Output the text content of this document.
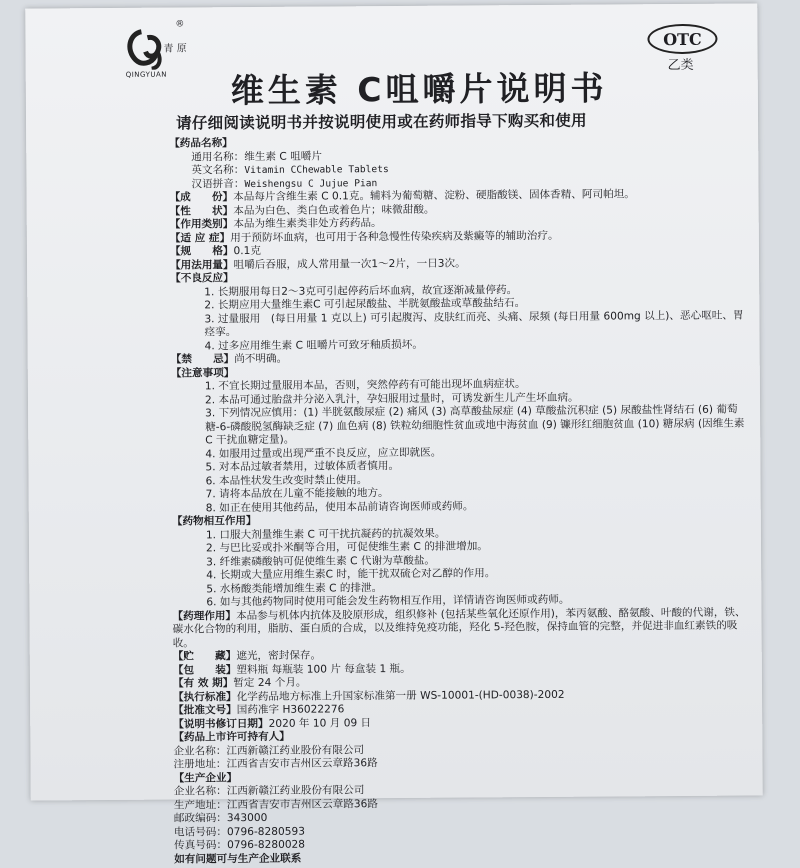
®
青 原
QINGYUAN
OTC
乙类
维生素 C咀嚼片说明书
请仔细阅读说明书并按说明使用或在药师指导下购买和使用
【药品名称】
通用名称：维生素 C 咀嚼片
英文名称：Vitamin CChewable Tablets
汉语拼音：Weishengsu C Jujue Pian
【成　　份】本品每片含维生素 C 0.1克。辅料为葡萄糖、淀粉、硬脂酸镁、固体香精、阿司帕坦。
【性　　状】本品为白色、类白色或着色片；味微甜酸。
【作用类别】本品为维生素类非处方药药品。
【适 应 症】用于预防坏血病，也可用于各种急慢性传染疾病及紫癜等的辅助治疗。
【规　　格】0.1克
【用法用量】咀嚼后吞服，成人常用量一次1～2片，一日3次。
【不良反应】
1. 长期服用每日2～3克可引起停药后坏血病，故宜逐渐减量停药。
2. 长期应用大量维生素C 可引起尿酸盐、半胱氨酸盐或草酸盐结石。
3. 过量服用　(每日用量 1 克以上) 可引起腹泻、皮肤红而亮、头痛、尿频 (每日用量 600mg 以上)、恶心呕吐、胃痉挛。
4. 过多应用维生素 C 咀嚼片可致牙釉质损坏。
【禁　　忌】尚不明确。
【注意事项】
1. 不宜长期过量服用本品，否则，突然停药有可能出现坏血病症状。
2. 本品可通过胎盘并分泌入乳汁，孕妇服用过量时，可诱发新生儿产生坏血病。
3. 下列情况应慎用：(1) 半胱氨酸尿症 (2) 痛风 (3) 高草酸盐尿症 (4) 草酸盐沉积症 (5) 尿酸盐性肾结石 (6) 葡萄糖-6-磷酸脱氢酶缺乏症 (7) 血色病 (8) 铁粒幼细胞性贫血或地中海贫血 (9) 镰形红细胞贫血 (10) 糖尿病 (因维生素 C 干扰血糖定量)。
4. 如服用过量或出现严重不良反应，应立即就医。
5. 对本品过敏者禁用，过敏体质者慎用。
6. 本品性状发生改变时禁止使用。
7. 请将本品放在儿童不能接触的地方。
8. 如正在使用其他药品，使用本品前请咨询医师或药师。
【药物相互作用】
1. 口服大剂量维生素 C 可干扰抗凝药的抗凝效果。
2. 与巴比妥或扑米酮等合用，可促使维生素 C 的排泄增加。
3. 纤维素磷酸钠可促使维生素 C 代谢为草酸盐。
4. 长期或大量应用维生素C 时，能干扰双硫仑对乙醇的作用。
5. 水杨酸类能增加维生素 C 的排泄。
6. 如与其他药物同时使用可能会发生药物相互作用，详情请咨询医师或药师。
【药理作用】本品参与机体内抗体及胶原形成，组织修补 (包括某些氧化还原作用)，苯丙氨酸、酪氨酸、叶酸的代谢，铁、碳水化合物的利用，脂肪、蛋白质的合成，以及维持免疫功能，羟化 5-羟色胺，保持血管的完整，并促进非血红素铁的吸收。
【贮　　藏】遮光，密封保存。
【包　　装】塑料瓶 每瓶装 100 片 每盒装 1 瓶。
【有 效 期】暂定 24 个月。
【执行标准】化学药品地方标准上升国家标准第一册 WS-10001-(HD-0038)-2002
【批准文号】国药准字 H36022276
【说明书修订日期】2020 年 10 月 09 日
【药品上市许可持有人】
企业名称：江西新赣江药业股份有限公司
注册地址：江西省吉安市吉州区云章路36路
【生产企业】
企业名称：江西新赣江药业股份有限公司
生产地址：江西省吉安市吉州区云章路36路
邮政编码：343000
电话号码：0796-8280593
传真号码：0796-8280028
如有问题可与生产企业联系
